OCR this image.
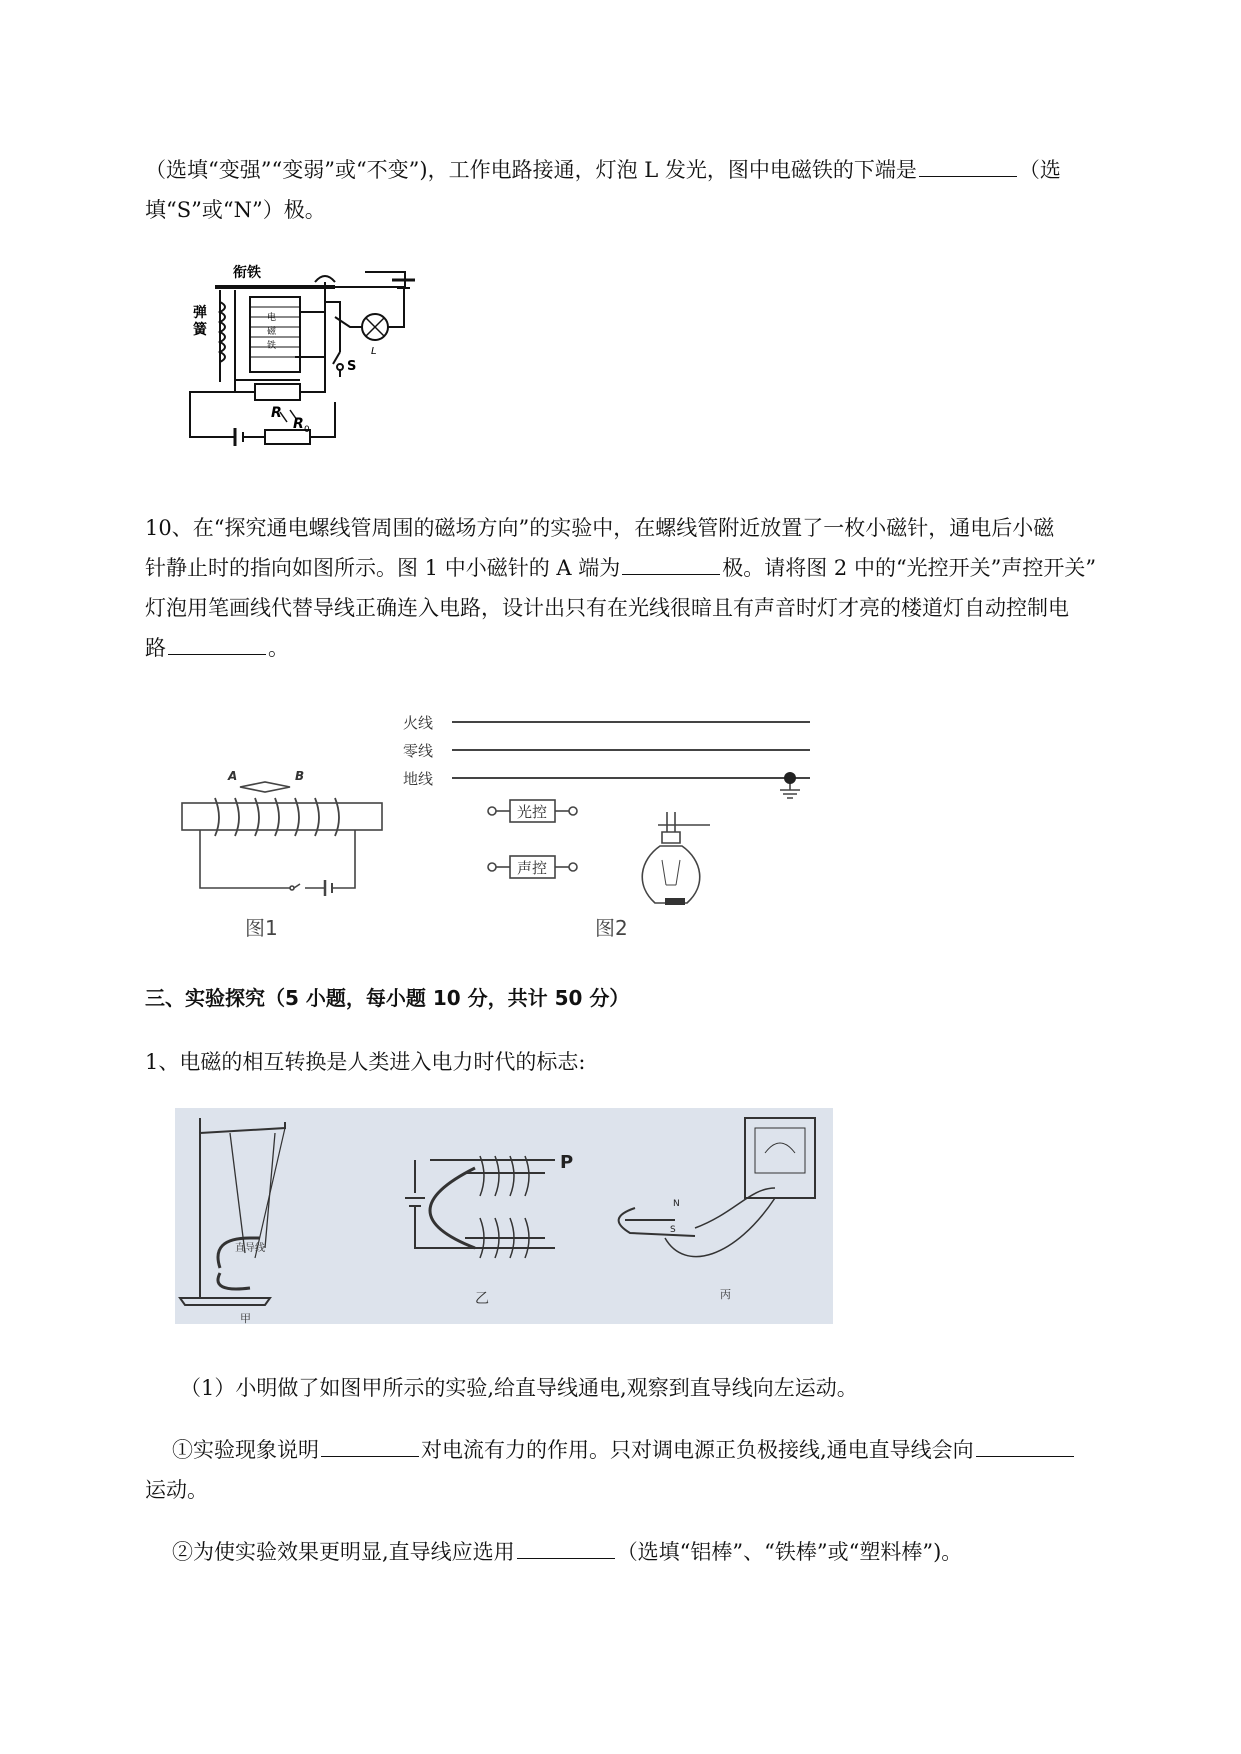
（选填“变强”“变弱”或“不变”)，工作电路接通，灯泡 L 发光，图中电磁铁的下端是	（选
填“S”或“N”）极。
衔铁
弹
簧
电
磁
铁
R
R 0
S
L
10、在“探究通电螺线管周围的磁场方向”的实验中，在螺线管附近放置了一枚小磁针，通电后小磁
针静止时的指向如图所示。图 1 中小磁针的 A 端为	极。请将图 2 中的“光控开关”声控开关”
灯泡用笔画线代替导线正确连入电路，设计出只有在光线很暗且有声音时灯才亮的楼道灯自动控制电
路	。
A	B
图1	图2
火线
零线
地线
光控
声控
三、实验探究（5 小题，每小题 10 分，共计 50 分）
1、电磁的相互转换是人类进入电力时代的标志:
直导线
P
N
S
甲
乙	丙
（1）小明做了如图甲所示的实验,给直导线通电,观察到直导线向左运动。
①实验现象说明	对电流有力的作用。只对调电源正负极接线,通电直导线会向
运动。
②为使实验效果更明显,直导线应选用	（选填“铝棒”、“铁棒”或“塑料棒”)。
